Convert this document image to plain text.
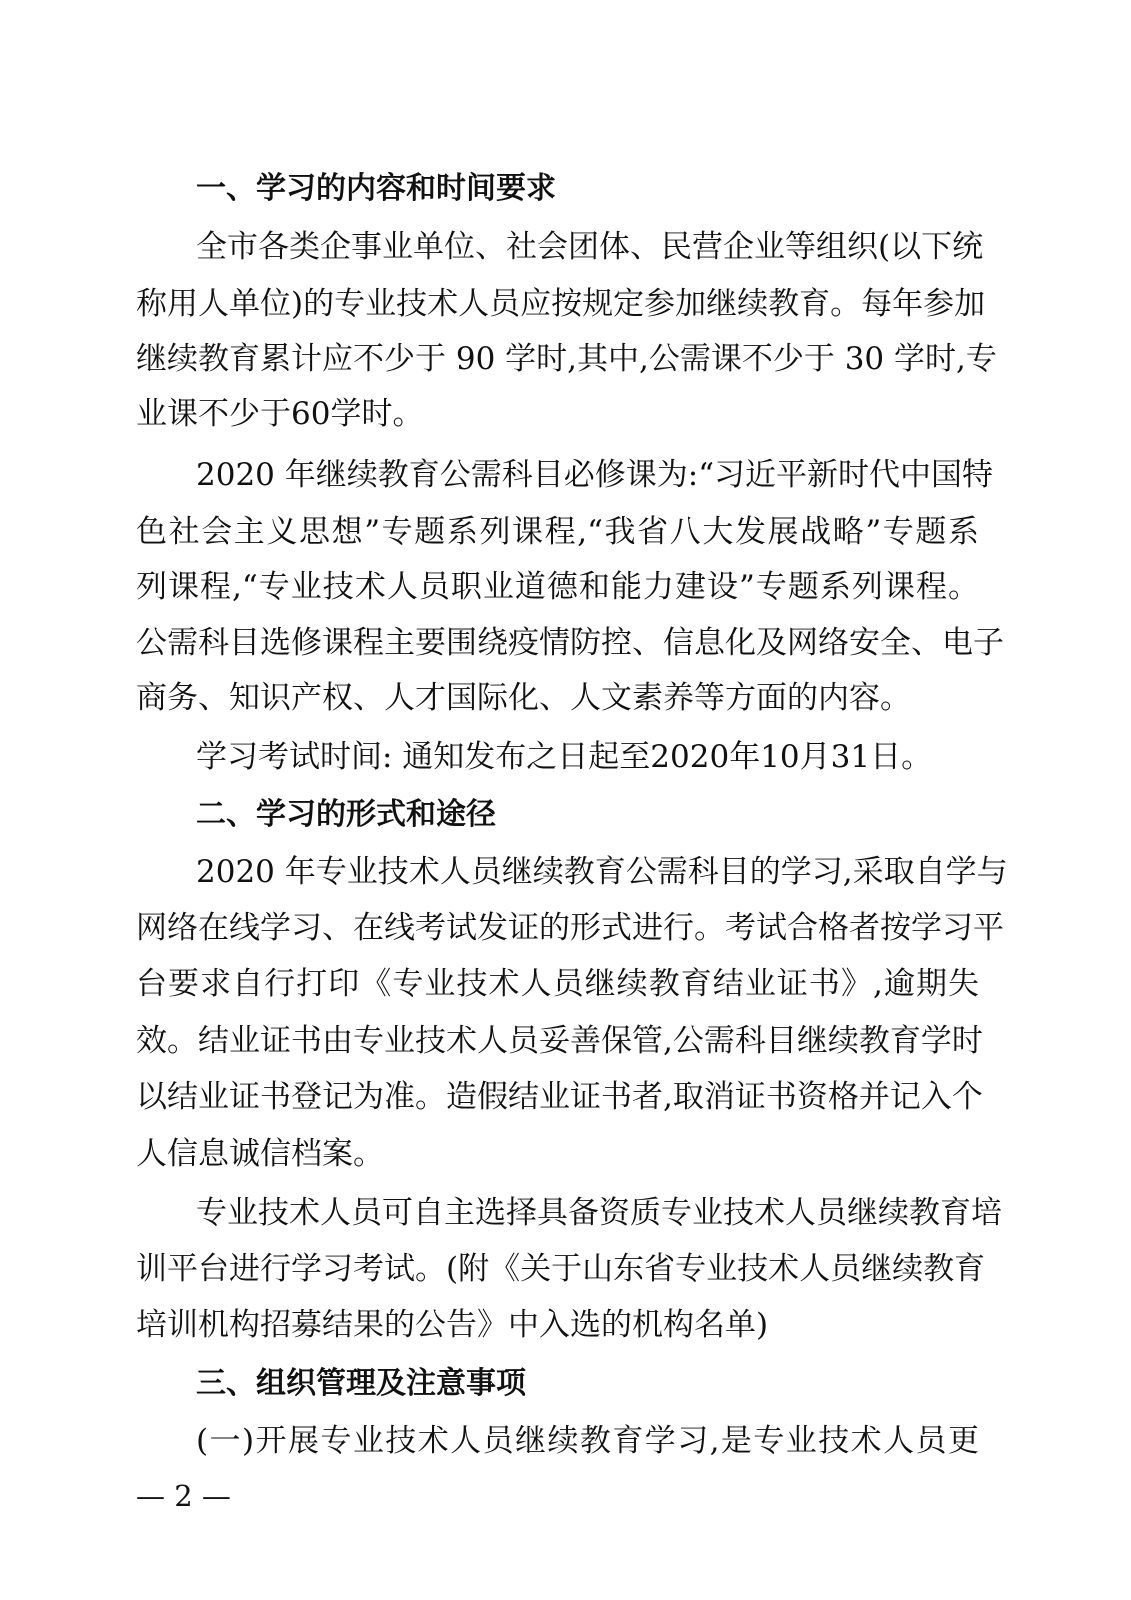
一、学习的内容和时间要求
全市各类企事业单位、社会团体、民营企业等组织(以下统
称用人单位)的专业技术人员应按规定参加继续教育。每年参加
继续教育累计应不少于 90 学时,其中,公需课不少于 30 学时,专
业课不少于60学时。
2020 年继续教育公需科目必修课为:“习近平新时代中国特
色社会主义思想”专题系列课程,“我省八大发展战略”专题系
列课程,“专业技术人员职业道德和能力建设”专题系列课程。
公需科目选修课程主要围绕疫情防控、信息化及网络安全、电子
商务、知识产权、人才国际化、人文素养等方面的内容。
学习考试时间: 通知发布之日起至2020年10月31日。
二、学习的形式和途径
2020 年专业技术人员继续教育公需科目的学习,采取自学与
网络在线学习、在线考试发证的形式进行。考试合格者按学习平
台要求自行打印《专业技术人员继续教育结业证书》,逾期失
效。结业证书由专业技术人员妥善保管,公需科目继续教育学时
以结业证书登记为准。造假结业证书者,取消证书资格并记入个
人信息诚信档案。
专业技术人员可自主选择具备资质专业技术人员继续教育培
训平台进行学习考试。(附《关于山东省专业技术人员继续教育
培训机构招募结果的公告》中入选的机构名单)
三、组织管理及注意事项
(一)开展专业技术人员继续教育学习,是专业技术人员更
— 2 —
